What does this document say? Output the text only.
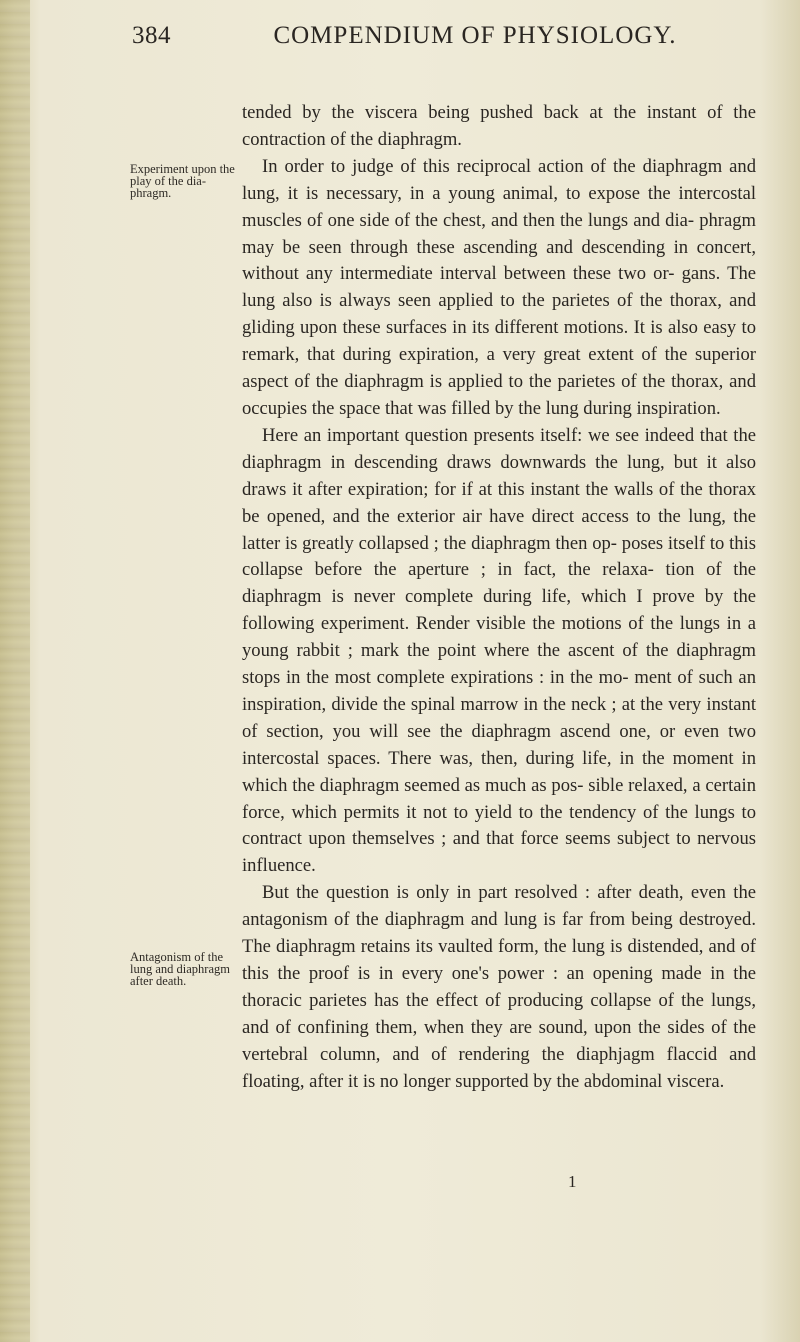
384	COMPENDIUM OF PHYSIOLOGY.
Experiment upon the play of the dia- phragm.
Antagonism of the lung and diaphragm after death.

tended by the viscera being pushed back at the instant of the contraction of the diaphragm.

In order to judge of this reciprocal action of the diaphragm and lung, it is necessary, in a young animal, to expose the intercostal muscles of one side of the chest, and then the lungs and dia- phragm may be seen through these ascending and descending in concert, without any intermediate interval between these two or- gans. The lung also is always seen applied to the parietes of the thorax, and gliding upon these surfaces in its different motions. It is also easy to remark, that during expiration, a very great extent of the superior aspect of the diaphragm is applied to the parietes of the thorax, and occupies the space that was filled by the lung during inspiration.

Here an important question presents itself: we see indeed that the diaphragm in descending draws downwards the lung, but it also draws it after expiration; for if at this instant the walls of the thorax be opened, and the exterior air have direct access to the lung, the latter is greatly collapsed ; the diaphragm then op- poses itself to this collapse before the aperture ; in fact, the relaxa- tion of the diaphragm is never complete during life, which I prove by the following experiment. Render visible the motions of the lungs in a young rabbit ; mark the point where the ascent of the diaphragm stops in the most complete expirations : in the mo- ment of such an inspiration, divide the spinal marrow in the neck ; at the very instant of section, you will see the diaphragm ascend one, or even two intercostal spaces. There was, then, during life, in the moment in which the diaphragm seemed as much as pos- sible relaxed, a certain force, which permits it not to yield to the tendency of the lungs to contract upon themselves ; and that force seems subject to nervous influence.

But the question is only in part resolved : after death, even the antagonism of the diaphragm and lung is far from being destroyed. The diaphragm retains its vaulted form, the lung is distended, and of this the proof is in every one's power : an opening made in the thoracic parietes has the effect of producing collapse of the lungs, and of confining them, when they are sound, upon the sides of the vertebral column, and of rendering the diaphjagm flaccid and floating, after it is no longer supported by the abdominal viscera.

1
